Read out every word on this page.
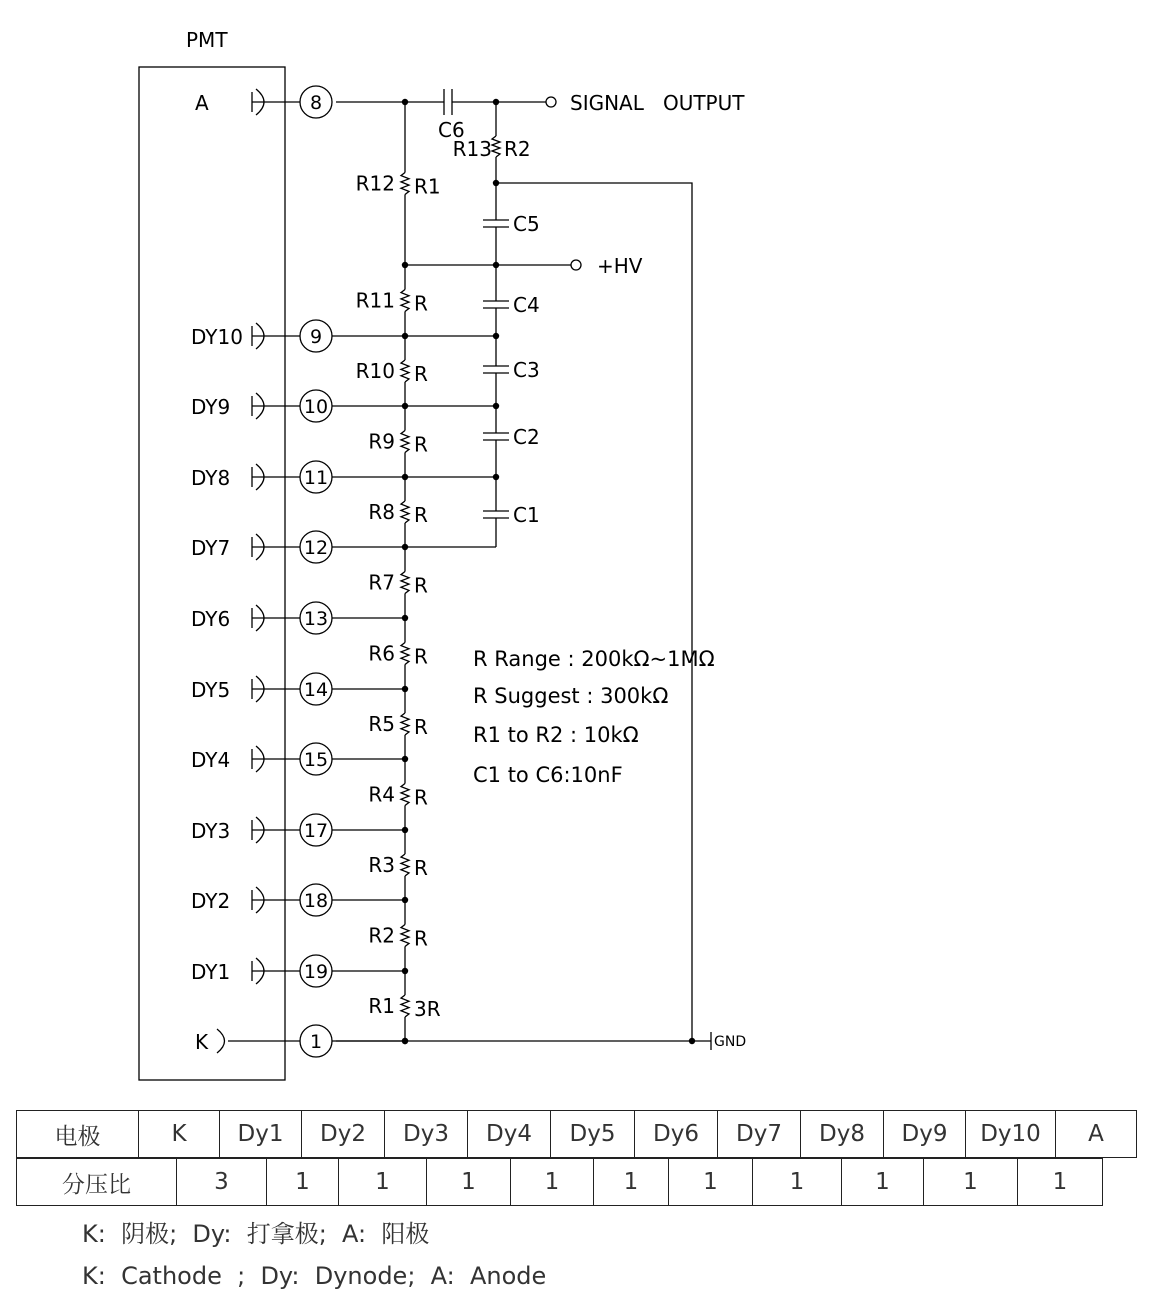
PMT
C6
R13 R2
SIGNAL   OUTPUT
+HV
GND
C5
C4
C3
C2
C1
R Range : 200kΩ~1MΩ
R Suggest : 300kΩ
R1 to R2 : 10kΩ
C1 to C6:10nF
A	8
DY10	9
DY9	10
DY8	11
DY7	12
DY6	13
DY5	14
DY4	15
DY3	17
DY2	18
DY1	19
K	1
R12 R1
R11 R
R10 R
R9 R
R8 R
R7 R
R6 R
R5 R
R4 R
R3 R
R2 R
R1 3R
电极	K	Dy1	Dy2	Dy3	Dy4	Dy5	Dy6	Dy7	Dy8	Dy9	Dy10	A
分压比	3	1	1	1	1	1	1	1	1	1	1
K:  阴极;  Dy:  打拿极;  A:  阳极
K:  Cathode  ;  Dy:  Dynode;  A:  Anode
